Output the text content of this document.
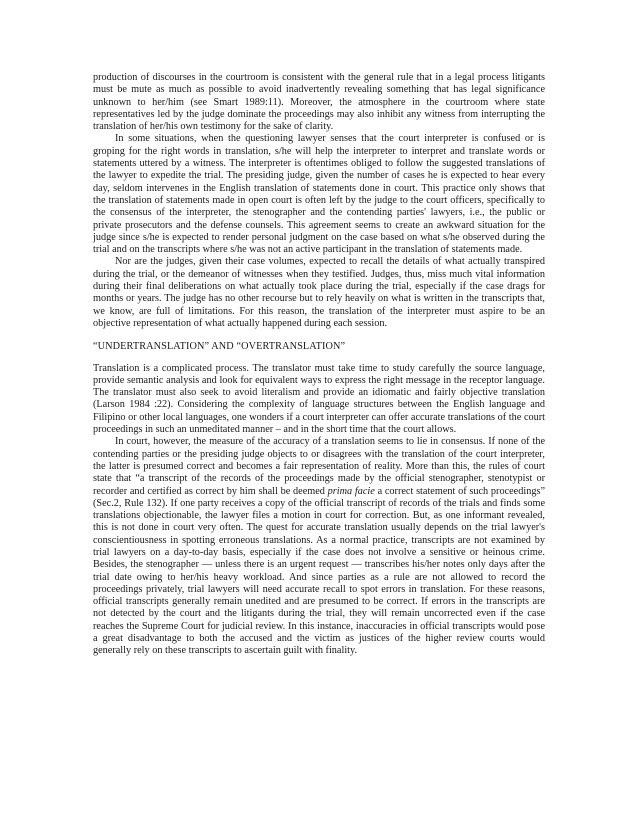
production of discourses in the courtroom is consistent with the general rule that in a legal process litigants must be mute as much as possible to avoid inadvertently revealing something that has legal significance unknown to her/him (see Smart 1989:11). Moreover, the atmosphere in the courtroom where state representatives led by the judge dominate the proceedings may also inhibit any witness from interrupting the translation of her/his own testimony for the sake of clarity.

In some situations, when the questioning lawyer senses that the court interpreter is confused or is groping for the right words in translation, s/he will help the interpreter to interpret and translate words or statements uttered by a witness. The interpreter is oftentimes obliged to follow the suggested translations of the lawyer to expedite the trial. The presiding judge, given the number of cases he is expected to hear every day, seldom intervenes in the English translation of statements done in court. This practice only shows that the translation of statements made in open court is often left by the judge to the court officers, specifically to the consensus of the interpreter, the stenographer and the contending parties' lawyers, i.e., the public or private prosecutors and the defense counsels. This agreement seems to create an awkward situation for the judge since s/he is expected to render personal judgment on the case based on what s/he observed during the trial and on the transcripts where s/he was not an active participant in the translation of statements made.

Nor are the judges, given their case volumes, expected to recall the details of what actually transpired during the trial, or the demeanor of witnesses when they testified. Judges, thus, miss much vital information during their final deliberations on what actually took place during the trial, especially if the case drags for months or years. The judge has no other recourse but to rely heavily on what is written in the transcripts that, we know, are full of limitations. For this reason, the translation of the interpreter must aspire to be an objective representation of what actually happened during each session.

“UNDERTRANSLATION” AND “OVERTRANSLATION”

Translation is a complicated process. The translator must take time to study carefully the source language, provide semantic analysis and look for equivalent ways to express the right message in the receptor language. The translator must also seek to avoid literalism and provide an idiomatic and fairly objective translation (Larson 1984 :22). Considering the complexity of language structures between the English language and Filipino or other local languages, one wonders if a court interpreter can offer accurate translations of the court proceedings in such an unmeditated manner – and in the short time that the court allows.

In court, however, the measure of the accuracy of a translation seems to lie in consensus. If none of the contending parties or the presiding judge objects to or disagrees with the translation of the court interpreter, the latter is presumed correct and becomes a fair representation of reality. More than this, the rules of court state that “a transcript of the records of the proceedings made by the official stenographer, stenotypist or recorder and certified as correct by him shall be deemed prima facie a correct statement of such proceedings” (Sec.2, Rule 132). If one party receives a copy of the official transcript of records of the trials and finds some translations objectionable, the lawyer files a motion in court for correction. But, as one informant revealed, this is not done in court very often. The quest for accurate translation usually depends on the trial lawyer's conscientiousness in spotting erroneous translations. As a normal practice, transcripts are not examined by trial lawyers on a day-to-day basis, especially if the case does not involve a sensitive or heinous crime. Besides, the stenographer — unless there is an urgent request — transcribes his/her notes only days after the trial date owing to her/his heavy workload. And since parties as a rule are not allowed to record the proceedings privately, trial lawyers will need accurate recall to spot errors in translation. For these reasons, official transcripts generally remain unedited and are presumed to be correct. If errors in the transcripts are not detected by the court and the litigants during the trial, they will remain uncorrected even if the case reaches the Supreme Court for judicial review. In this instance, inaccuracies in official transcripts would pose a great disadvantage to both the accused and the victim as justices of the higher review courts would generally rely on these transcripts to ascertain guilt with finality.
